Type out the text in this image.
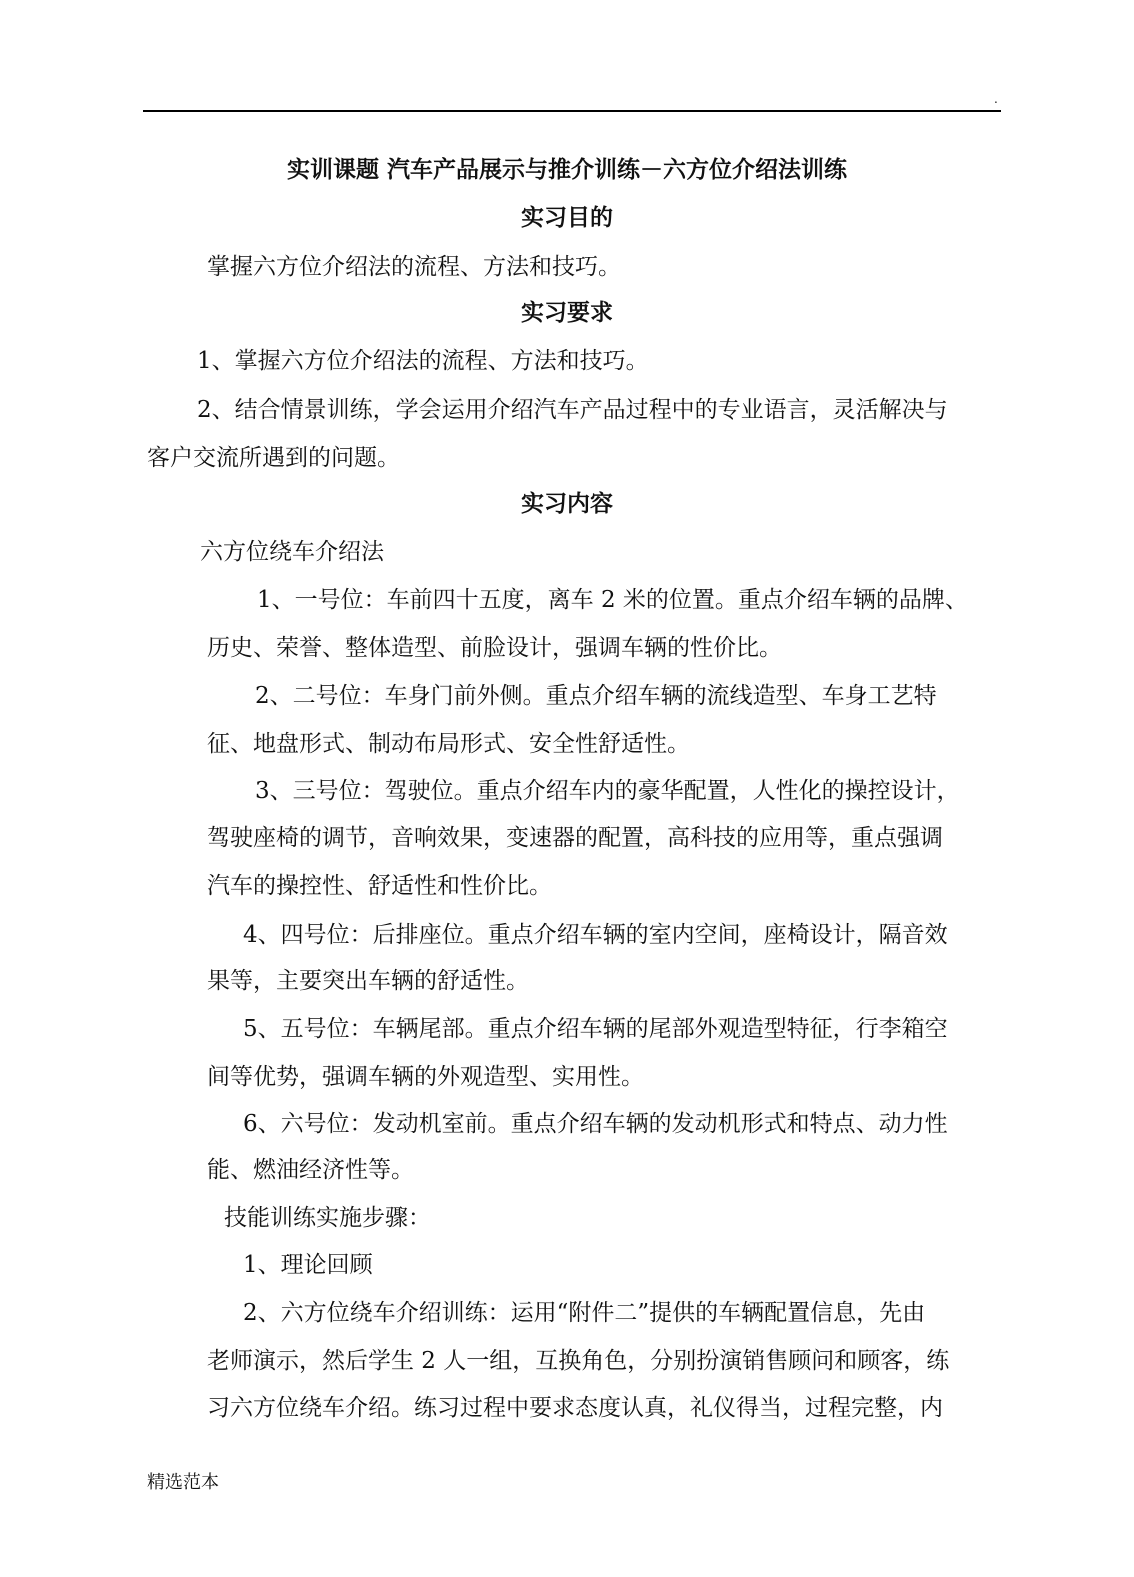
.
实训课题 汽车产品展示与推介训练－六方位介绍法训练
实习目的
掌握六方位介绍法的流程、方法和技巧。
实习要求
1、掌握六方位介绍法的流程、方法和技巧。
2、结合情景训练，学会运用介绍汽车产品过程中的专业语言，灵活解决与
客户交流所遇到的问题。
实习内容
六方位绕车介绍法
1、一号位：车前四十五度，离车 2 米的位置。重点介绍车辆的品牌、
历史、荣誉、整体造型、前脸设计，强调车辆的性价比。
2、二号位：车身门前外侧。重点介绍车辆的流线造型、车身工艺特
征、地盘形式、制动布局形式、安全性舒适性。
3、三号位：驾驶位。重点介绍车内的豪华配置，人性化的操控设计，
驾驶座椅的调节，音响效果，变速器的配置，高科技的应用等，重点强调
汽车的操控性、舒适性和性价比。
4、四号位：后排座位。重点介绍车辆的室内空间，座椅设计，隔音效
果等，主要突出车辆的舒适性。
5、五号位：车辆尾部。重点介绍车辆的尾部外观造型特征，行李箱空
间等优势，强调车辆的外观造型、实用性。
6、六号位：发动机室前。重点介绍车辆的发动机形式和特点、动力性
能、燃油经济性等。
技能训练实施步骤：
1、理论回顾
2、六方位绕车介绍训练：运用“附件二”提供的车辆配置信息，先由
老师演示，然后学生 2 人一组，互换角色，分别扮演销售顾问和顾客，练
习六方位绕车介绍。练习过程中要求态度认真，礼仪得当，过程完整，内
精选范本
